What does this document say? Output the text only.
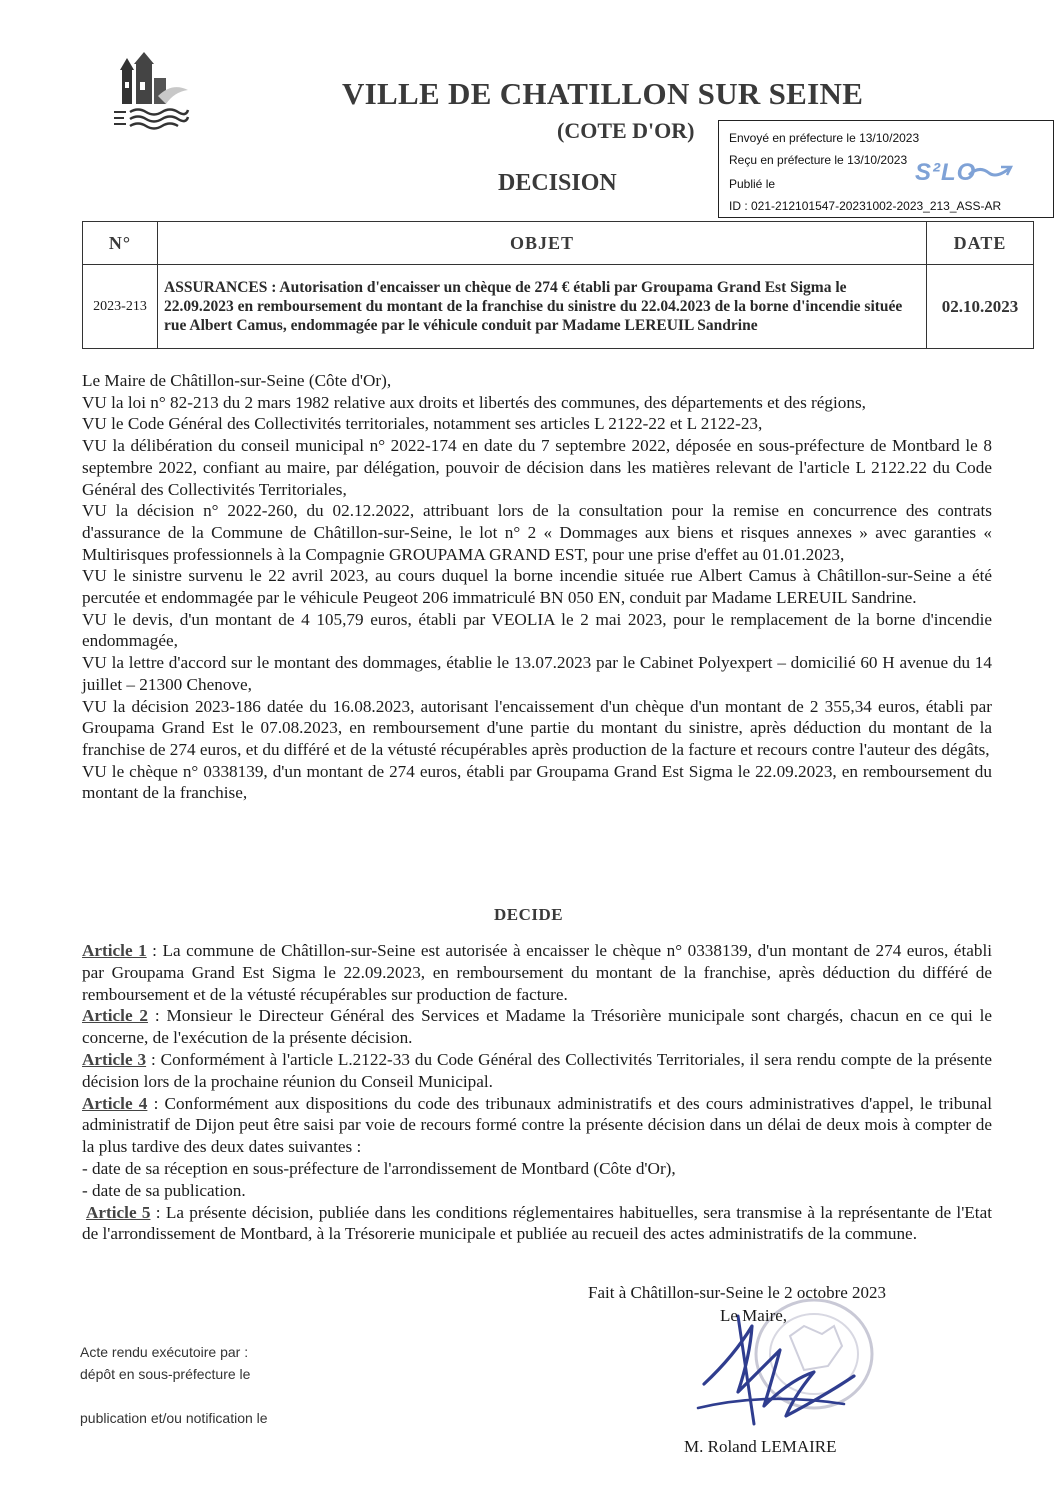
VILLE DE CHATILLON SUR SEINE
(COTE D'OR)
DECISION
Envoyé en préfecture le 13/10/2023
Reçu en préfecture le 13/10/2023
Publié le
ID : 021-212101547-20231002-2023_213_ASS-AR
S²LO
N°	OBJET	DATE
2023-213	ASSURANCES : Autorisation d'encaisser un chèque de 274 € établi par Groupama Grand Est Sigma le 22.09.2023 en remboursement du montant de la franchise du sinistre du 22.04.2023 de la borne d'incendie située rue Albert Camus, endommagée par le véhicule conduit par Madame LEREUIL Sandrine	02.10.2023

Le Maire de Châtillon-sur-Seine (Côte d'Or),

VU la loi n° 82-213 du 2 mars 1982 relative aux droits et libertés des communes, des départements et des régions,

VU le Code Général des Collectivités territoriales, notamment ses articles L 2122-22 et L 2122-23,

VU la délibération du conseil municipal n° 2022-174 en date du 7 septembre 2022, déposée en sous-préfecture de Montbard le 8 septembre 2022, confiant au maire, par délégation, pouvoir de décision dans les matières relevant de l'article L 2122.22 du Code Général des Collectivités Territoriales,

VU la décision n° 2022-260, du 02.12.2022, attribuant lors de la consultation pour la remise en concurrence des contrats d'assurance de la Commune de Châtillon-sur-Seine, le lot n° 2 « Dommages aux biens et risques annexes » avec garanties « Multirisques professionnels à la Compagnie GROUPAMA GRAND EST, pour une prise d'effet au 01.01.2023,

VU le sinistre survenu le 22 avril 2023, au cours duquel la borne incendie située rue Albert Camus à Châtillon-sur-Seine a été percutée et endommagée par le véhicule Peugeot 206 immatriculé BN 050 EN, conduit par Madame LEREUIL Sandrine.

VU le devis, d'un montant de 4 105,79 euros, établi par VEOLIA le 2 mai 2023, pour le remplacement de la borne d'incendie endommagée,

VU la lettre d'accord sur le montant des dommages, établie le 13.07.2023 par le Cabinet Polyexpert – domicilié 60 H avenue du 14 juillet – 21300 Chenove,

VU la décision 2023-186 datée du 16.08.2023, autorisant l'encaissement d'un chèque d'un montant de 2 355,34 euros, établi par Groupama Grand Est le 07.08.2023, en remboursement d'une partie du montant du sinistre, après déduction du montant de la franchise de 274 euros, et du différé et de la vétusté récupérables après production de la facture et recours contre l'auteur des dégâts,

VU le chèque n° 0338139, d'un montant de 274 euros, établi par Groupama Grand Est Sigma le 22.09.2023, en remboursement du montant de la franchise,

DECIDE

Article 1 : La commune de Châtillon-sur-Seine est autorisée à encaisser le chèque n° 0338139, d'un montant de 274 euros, établi par Groupama Grand Est Sigma le 22.09.2023, en remboursement du montant de la franchise, après déduction du différé de remboursement et de la vétusté récupérables sur production de facture.

Article 2 : Monsieur le Directeur Général des Services et Madame la Trésorière municipale sont chargés, chacun en ce qui le concerne, de l'exécution de la présente décision.

Article 3 : Conformément à l'article L.2122-33 du Code Général des Collectivités Territoriales, il sera rendu compte de la présente décision lors de la prochaine réunion du Conseil Municipal.

Article 4 : Conformément aux dispositions du code des tribunaux administratifs et des cours administratives d'appel, le tribunal administratif de Dijon peut être saisi par voie de recours formé contre la présente décision dans un délai de deux mois à compter de la plus tardive des deux dates suivantes :

- date de sa réception en sous-préfecture de l'arrondissement de Montbard (Côte d'Or),

- date de sa publication.

Article 5 : La présente décision, publiée dans les conditions réglementaires habituelles, sera transmise à la représentante de l'Etat de l'arrondissement de Montbard, à la Trésorerie municipale et publiée au recueil des actes administratifs de la commune.

Fait à Châtillon-sur-Seine le 2 octobre 2023
Le Maire,
M. Roland LEMAIRE
Acte rendu exécutoire par :
dépôt en sous-préfecture le
publication et/ou notification le
